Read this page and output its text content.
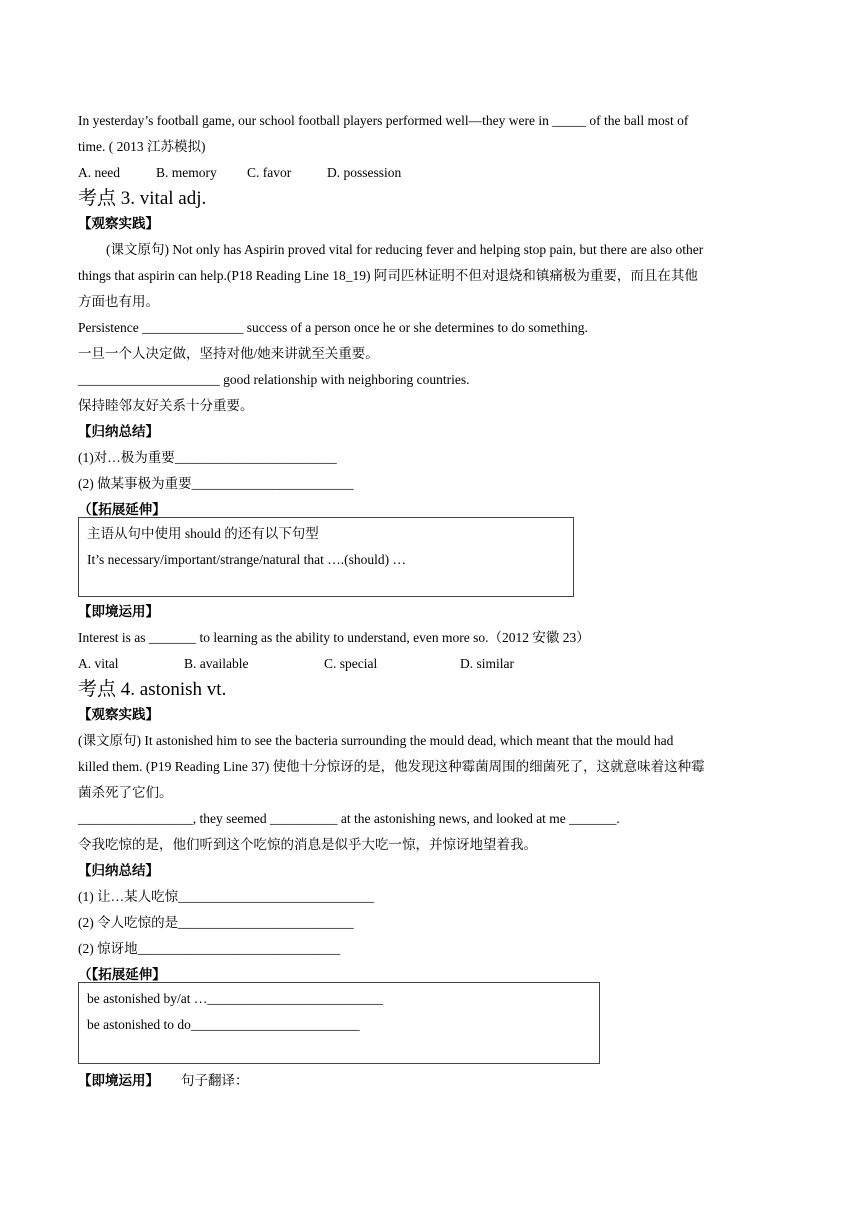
In yesterday’s football game, our school football players performed well—they were in _____ of the ball most of
time. ( 2013 江苏模拟)
A. need	B. memory C. favor	D. possession
考点 3. vital adj.
【观察实践】
(课文原句) Not only has Aspirin proved vital for reducing fever and helping stop pain, but there are also other
things that aspirin can help.(P18 Reading Line 18_19) 阿司匹林证明不但对退烧和镇痛极为重要，而且在其他
方面也有用。
Persistence _______________ success of a person once he or she determines to do something.
一旦一个人决定做，坚持对他/她来讲就至关重要。
_____________________ good relationship with neighboring countries.
保持睦邻友好关系十分重要。
【归纳总结】
(1)对…极为重要________________________
(2) 做某事极为重要________________________
（【拓展延伸】
主语从句中使用 should 的还有以下句型
It’s necessary/important/strange/natural that ….(should) …
【即境运用】
Interest is as _______ to learning as the ability to understand, even more so.（2012 安徽 23）
A. vital	B. available	C. special	D. similar
考点 4. astonish vt.
【观察实践】
(课文原句) It astonished him to see the bacteria surrounding the mould dead, which meant that the mould had
killed them. (P19 Reading Line 37) 使他十分惊讶的是，他发现这种霉菌周围的细菌死了，这就意味着这种霉
菌杀死了它们。
_________________, they seemed __________ at the astonishing news, and looked at me _______.
令我吃惊的是，他们听到这个吃惊的消息是似乎大吃一惊，并惊讶地望着我。
【归纳总结】
(1) 让…某人吃惊_____________________________
(2) 令人吃惊的是__________________________
(2) 惊讶地______________________________
（【拓展延伸】
be astonished by/at …__________________________
be astonished to do_________________________
【即境运用】 句子翻译：
